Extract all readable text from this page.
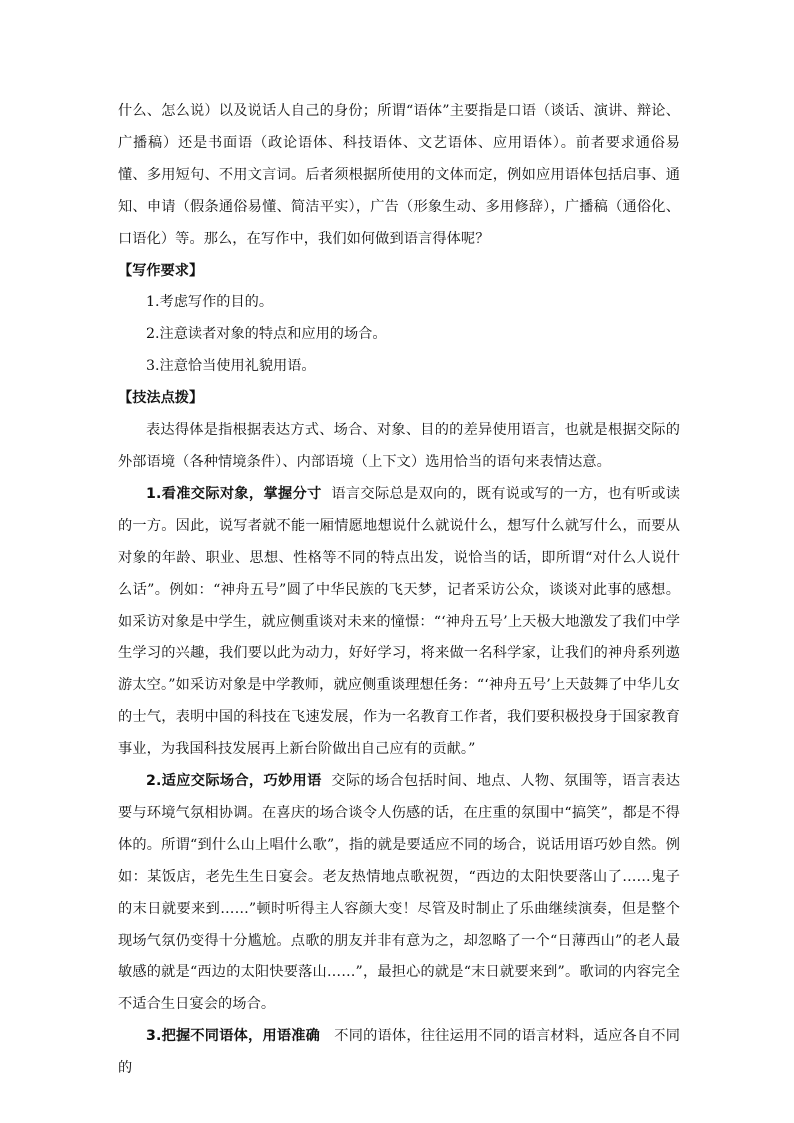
什么、怎么说）以及说话人自己的身份；所谓“语体”主要指是口语（谈话、演讲、辩论、广播稿）还是书面语（政论语体、科技语体、文艺语体、应用语体）。前者要求通俗易懂、多用短句、不用文言词。后者须根据所使用的文体而定，例如应用语体包括启事、通知、申请（假条通俗易懂、简洁平实），广告（形象生动、多用修辞），广播稿（通俗化、口语化）等。那么，在写作中，我们如何做到语言得体呢？

【写作要求】

1.考虑写作的目的。

2.注意读者对象的特点和应用的场合。

3.注意恰当使用礼貌用语。

【技法点拨】

表达得体是指根据表达方式、场合、对象、目的的差异使用语言，也就是根据交际的外部语境（各种情境条件）、内部语境（上下文）选用恰当的语句来表情达意。

1.看准交际对象，掌握分寸 语言交际总是双向的，既有说或写的一方，也有听或读的一方。因此，说写者就不能一厢情愿地想说什么就说什么，想写什么就写什么，而要从对象的年龄、职业、思想、性格等不同的特点出发，说恰当的话，即所谓“对什么人说什么话”。例如：“神舟五号”圆了中华民族的飞天梦，记者采访公众，谈谈对此事的感想。如采访对象是中学生，就应侧重谈对未来的憧憬：“‘神舟五号’上天极大地激发了我们中学生学习的兴趣，我们要以此为动力，好好学习，将来做一名科学家，让我们的神舟系列遨游太空。”如采访对象是中学教师，就应侧重谈理想任务：“‘神舟五号’上天鼓舞了中华儿女的士气，表明中国的科技在飞速发展，作为一名教育工作者，我们要积极投身于国家教育事业，为我国科技发展再上新台阶做出自己应有的贡献。”

2.适应交际场合，巧妙用语 交际的场合包括时间、地点、人物、氛围等，语言表达要与环境气氛相协调。在喜庆的场合谈令人伤感的话，在庄重的氛围中“搞笑”，都是不得体的。所谓“到什么山上唱什么歌”，指的就是要适应不同的场合，说话用语巧妙自然。例如：某饭店，老先生生日宴会。老友热情地点歌祝贺，“西边的太阳快要落山了……鬼子的末日就要来到……”顿时听得主人容颜大变！尽管及时制止了乐曲继续演奏，但是整个现场气氛仍变得十分尴尬。点歌的朋友并非有意为之，却忽略了一个“日薄西山”的老人最敏感的就是“西边的太阳快要落山……”，最担心的就是“末日就要来到”。歌词的内容完全不适合生日宴会的场合。

3.把握不同语体，用语准确 不同的语体，往往运用不同的语言材料，适应各自不同的
